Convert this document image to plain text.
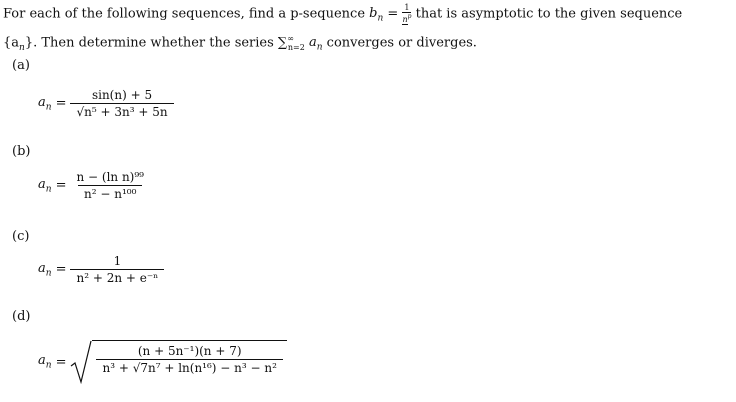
For each of the following sequences, find a p-sequence $b_n = \frac{1}{n^p}$ that is asymptotic to the given sequence
$\{a_n\}$. Then determine whether the series $\sum^\infty_{n=2}$ $a_n$ converges or diverges.
(a)
$a_n = \frac{\sin(n) + 5}{\text{√n⁵ + 3n³ + 5n}}$
(b)
$a_n = \frac{\text{n − (ln n)⁹⁹}}{\text{n² − n¹⁰⁰}}$
(c)
$a_n = \frac{1}{\text{n² + 2n + e⁻ⁿ}}$
(d)
$a_n$ =	$\frac{\text{(n + 5n⁻¹)(n + 7)}}{\text{n³ + √7n⁷ + ln(n¹⁶) − n³ − n²}}$
